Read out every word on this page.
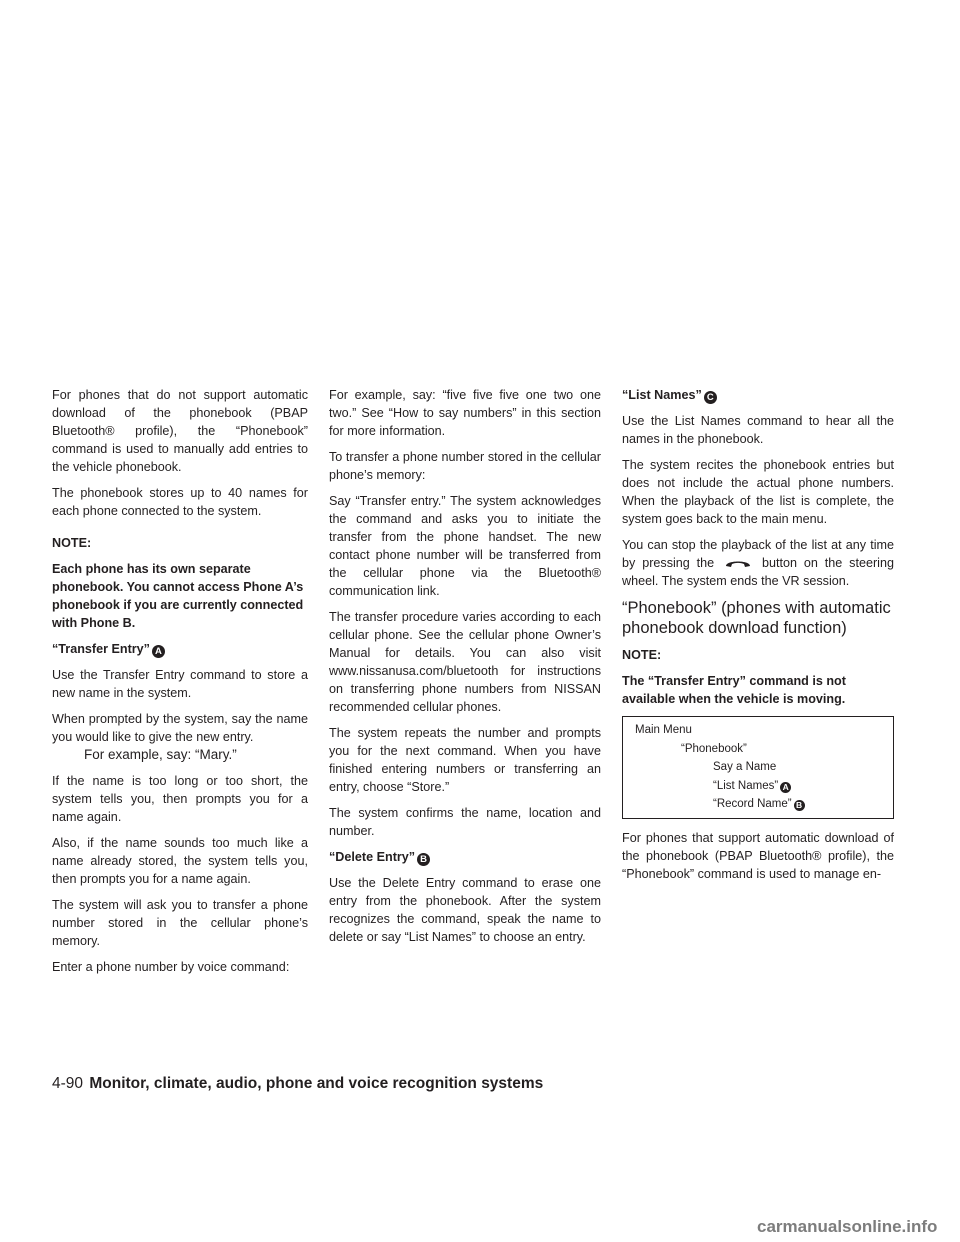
For phones that do not support automatic download of the phonebook (PBAP Bluetooth® profile), the “Phonebook” command is used to manually add entries to the vehicle phonebook.

The phonebook stores up to 40 names for each phone connected to the system.

NOTE:

Each phone has its own separate phonebook. You cannot access Phone A’s phonebook if you are currently connected with Phone B.

“Transfer Entry” A

Use the Transfer Entry command to store a new name in the system.

When prompted by the system, say the name you would like to give the new entry.

For example, say: “Mary.”

If the name is too long or too short, the system tells you, then prompts you for a name again.

Also, if the name sounds too much like a name already stored, the system tells you, then prompts you for a name again.

The system will ask you to transfer a phone number stored in the cellular phone’s memory.

Enter a phone number by voice command:

For example, say: “five five five one two one two.” See “How to say numbers” in this section for more information.

To transfer a phone number stored in the cellular phone’s memory:

Say “Transfer entry.” The system acknowledges the command and asks you to initiate the transfer from the phone handset. The new contact phone number will be transferred from the cellular phone via the Bluetooth® communication link.

The transfer procedure varies according to each cellular phone. See the cellular phone Owner’s Manual for details. You can also visit www.nissanusa.com/bluetooth for instructions on transferring phone numbers from NISSAN recommended cellular phones.

The system repeats the number and prompts you for the next command. When you have finished entering numbers or transferring an entry, choose “Store.”

The system confirms the name, location and number.

“Delete Entry” B

Use the Delete Entry command to erase one entry from the phonebook. After the system recognizes the command, speak the name to delete or say “List Names” to choose an entry.

“List Names” C

Use the List Names command to hear all the names in the phonebook.

The system recites the phonebook entries but does not include the actual phone numbers. When the playback of the list is complete, the system goes back to the main menu.

You can stop the playback of the list at any time by pressing the	button on the steering wheel. The system ends the VR session.

“Phonebook” (phones with automatic phonebook download function)

NOTE:

The “Transfer Entry” command is not available when the vehicle is moving.

Main Menu
“Phonebook”
Say a Name
“List Names” A
“Record Name” B

For phones that support automatic download of the phonebook (PBAP Bluetooth® profile), the “Phonebook” command is used to manage en-

4-90 Monitor, climate, audio, phone and voice recognition systems
carmanualsonline.info
